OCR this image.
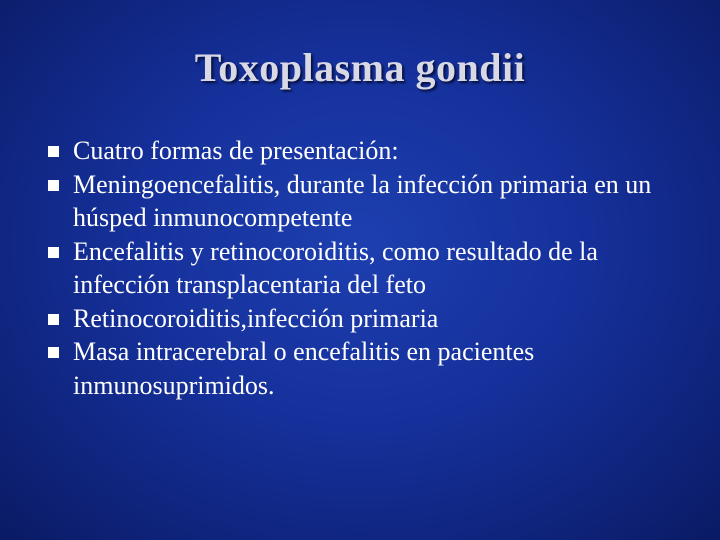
Toxoplasma gondii
Cuatro formas de presentación:
Meningoencefalitis, durante la infección primaria en un húsped inmunocompetente
Encefalitis y retinocoroiditis, como resultado de la infección transplacentaria del feto
Retinocoroiditis,infección primaria
Masa intracerebral o encefalitis en pacientes inmunosuprimidos.
